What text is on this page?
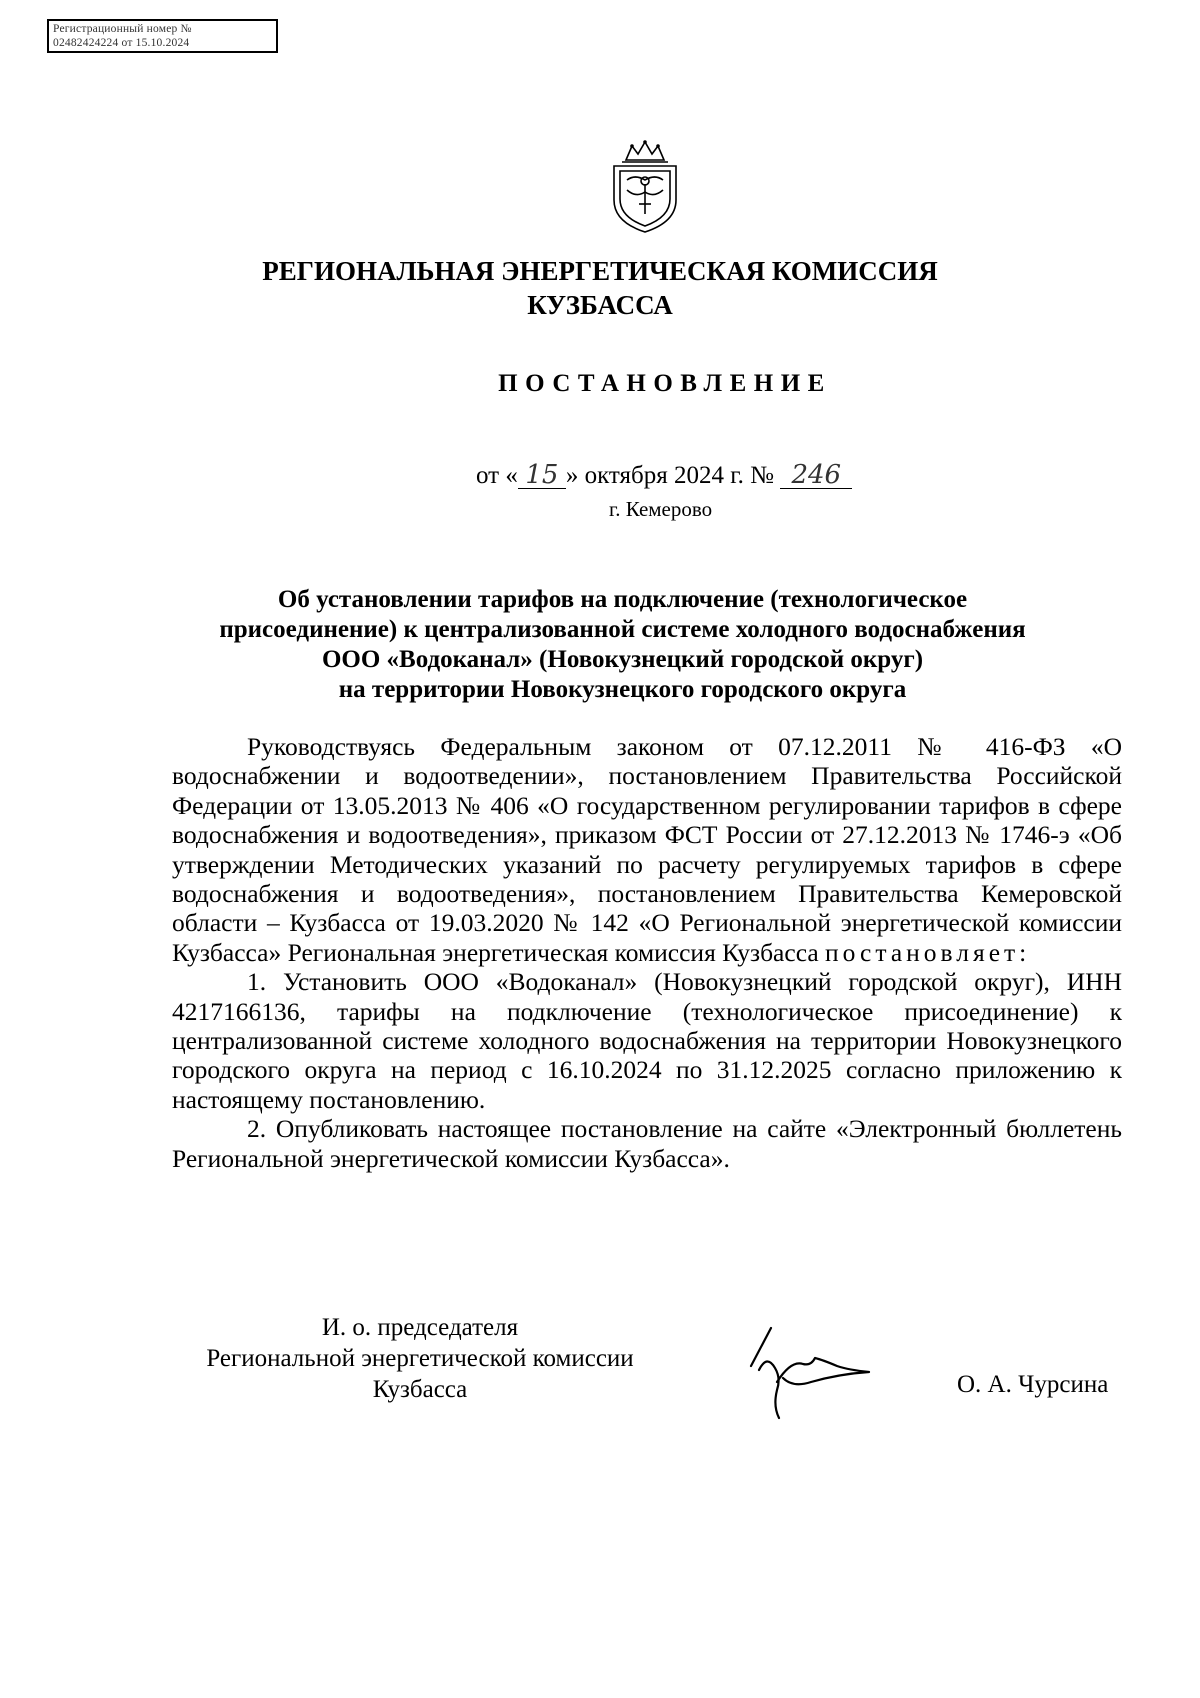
Регистрационный номер №
02482424224 от 15.10.2024
РЕГИОНАЛЬНАЯ ЭНЕРГЕТИЧЕСКАЯ КОМИССИЯ
КУЗБАССА
ПОСТАНОВЛЕНИЕ
от « 15 » октября 2024 г. № 246
г. Кемерово
Об установлении тарифов на подключение (технологическое
присоединение) к централизованной системе холодного водоснабжения
ООО «Водоканал» (Новокузнецкий городской округ)
на территории Новокузнецкого городского округа

Руководствуясь Федеральным законом от 07.12.2011 № 416-ФЗ «О водоснабжении и водоотведении», постановлением Правительства Российской Федерации от 13.05.2013 № 406 «О государственном регулировании тарифов в сфере водоснабжения и водоотведения», приказом ФСТ России от 27.12.2013 № 1746-э «Об утверждении Методических указаний по расчету регулируемых тарифов в сфере водоснабжения и водоотведения», постановлением Правительства Кемеровской области – Кузбасса от 19.03.2020 № 142 «О Региональной энергетической комиссии Кузбасса» Региональная энергетическая комиссия Кузбасса постановляет:

1. Установить ООО «Водоканал» (Новокузнецкий городской округ), ИНН 4217166136, тарифы на подключение (технологическое присоединение) к централизованной системе холодного водоснабжения на территории Новокузнецкого городского округа на период с 16.10.2024 по 31.12.2025 согласно приложению к настоящему постановлению.

2. Опубликовать настоящее постановление на сайте «Электронный бюллетень Региональной энергетической комиссии Кузбасса».

И. о. председателя
Региональной энергетической комиссии
Кузбасса	О. А. Чурсина
